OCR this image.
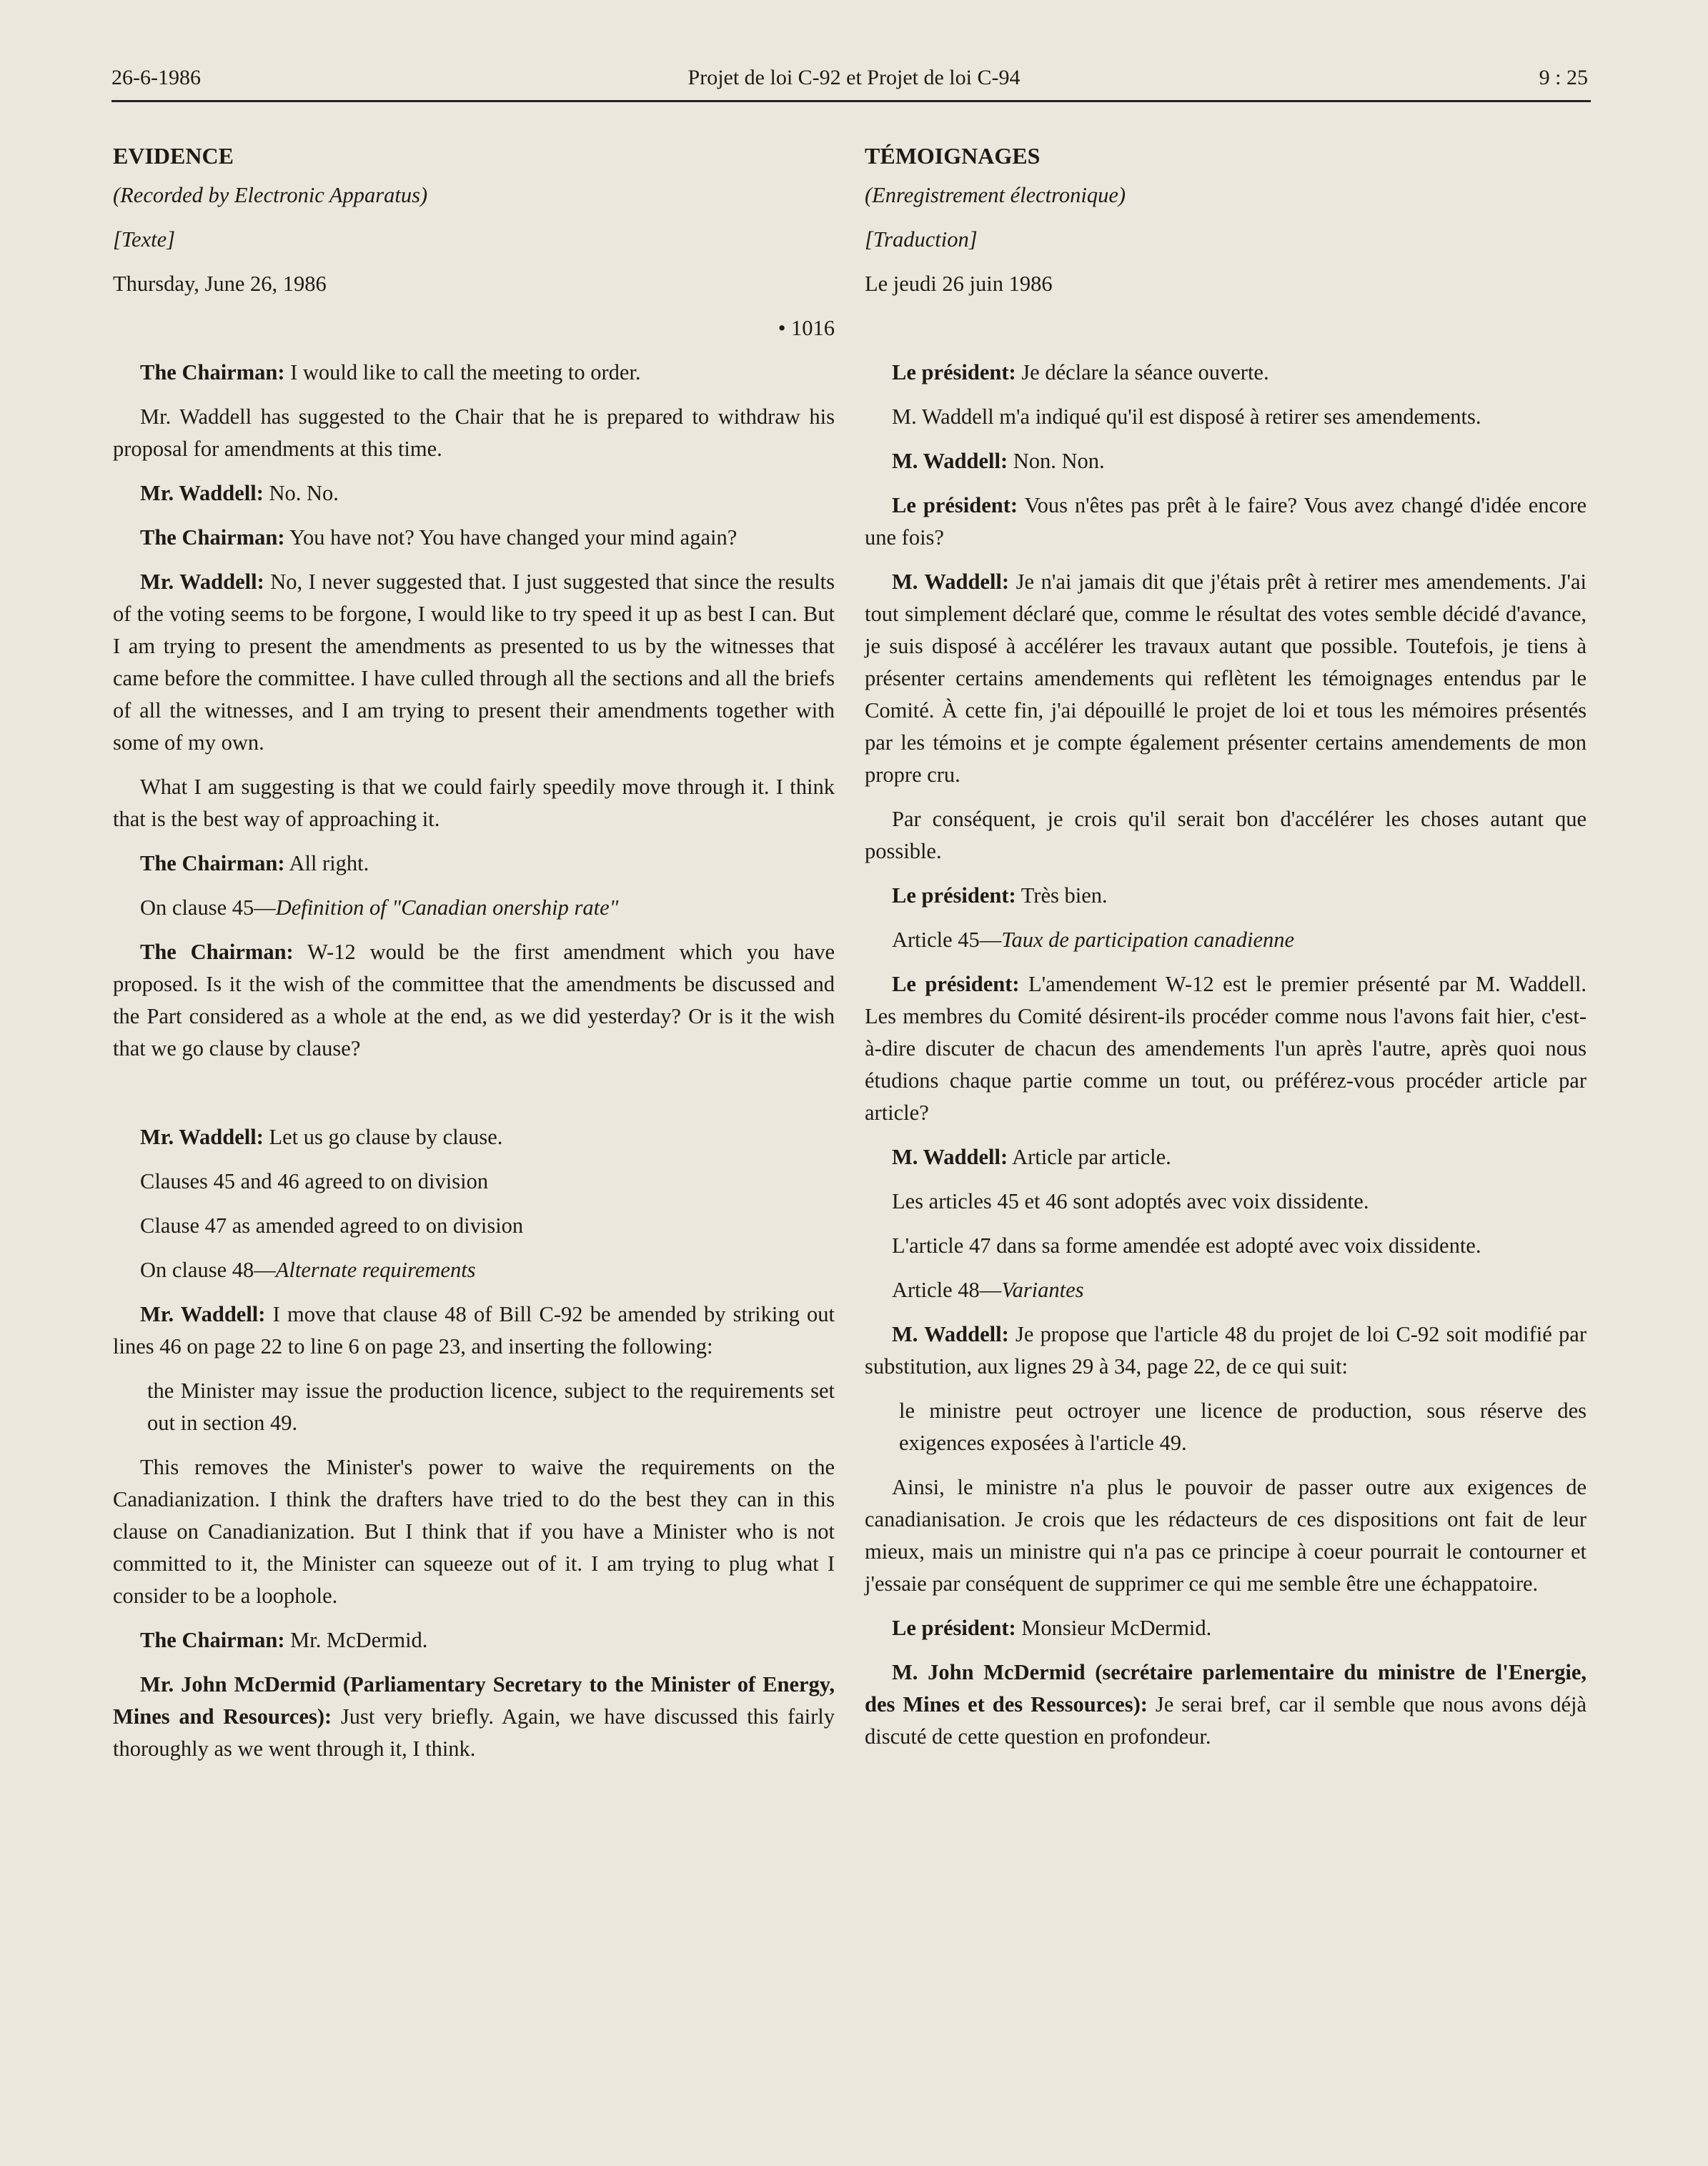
Projet de loi C-92 et Projet de loi C-94
26-6-1986	9 : 25
EVIDENCE

(Recorded by Electronic Apparatus)

[Texte]

Thursday, June 26, 1986

• 1016

The Chairman: I would like to call the meeting to order.

Mr. Waddell has suggested to the Chair that he is prepared to withdraw his proposal for amendments at this time.

Mr. Waddell: No. No.

The Chairman: You have not? You have changed your mind again?

Mr. Waddell: No, I never suggested that. I just suggested that since the results of the voting seems to be forgone, I would like to try speed it up as best I can. But I am trying to present the amendments as presented to us by the witnesses that came before the committee. I have culled through all the sections and all the briefs of all the witnesses, and I am trying to present their amendments together with some of my own.

What I am suggesting is that we could fairly speedily move through it. I think that is the best way of approaching it.

The Chairman: All right.

On clause 45—Definition of "Canadian onership rate"

The Chairman: W-12 would be the first amendment which you have proposed. Is it the wish of the committee that the amendments be discussed and the Part considered as a whole at the end, as we did yesterday? Or is it the wish that we go clause by clause?

Mr. Waddell: Let us go clause by clause.

Clauses 45 and 46 agreed to on division

Clause 47 as amended agreed to on division

On clause 48—Alternate requirements

Mr. Waddell: I move that clause 48 of Bill C-92 be amended by striking out lines 46 on page 22 to line 6 on page 23, and inserting the following:

the Minister may issue the production licence, subject to the requirements set out in section 49.

This removes the Minister's power to waive the requirements on the Canadianization. I think the drafters have tried to do the best they can in this clause on Canadianization. But I think that if you have a Minister who is not committed to it, the Minister can squeeze out of it. I am trying to plug what I consider to be a loophole.

The Chairman: Mr. McDermid.

Mr. John McDermid (Parliamentary Secretary to the Minister of Energy, Mines and Resources): Just very briefly. Again, we have discussed this fairly thoroughly as we went through it, I think.

TÉMOIGNAGES

(Enregistrement électronique)

[Traduction]

Le jeudi 26 juin 1986

Le président: Je déclare la séance ouverte.

M. Waddell m'a indiqué qu'il est disposé à retirer ses amendements.

M. Waddell: Non. Non.

Le président: Vous n'êtes pas prêt à le faire? Vous avez changé d'idée encore une fois?

M. Waddell: Je n'ai jamais dit que j'étais prêt à retirer mes amendements. J'ai tout simplement déclaré que, comme le résultat des votes semble décidé d'avance, je suis disposé à accélérer les travaux autant que possible. Toutefois, je tiens à présenter certains amendements qui reflètent les témoignages entendus par le Comité. À cette fin, j'ai dépouillé le projet de loi et tous les mémoires présentés par les témoins et je compte également présenter certains amendements de mon propre cru.

Par conséquent, je crois qu'il serait bon d'accélérer les choses autant que possible.

Le président: Très bien.

Article 45—Taux de participation canadienne

Le président: L'amendement W-12 est le premier présenté par M. Waddell. Les membres du Comité désirent-ils procéder comme nous l'avons fait hier, c'est-à-dire discuter de chacun des amendements l'un après l'autre, après quoi nous étudions chaque partie comme un tout, ou préférez-vous procéder article par article?

M. Waddell: Article par article.

Les articles 45 et 46 sont adoptés avec voix dissidente.

L'article 47 dans sa forme amendée est adopté avec voix dissidente.

Article 48—Variantes

M. Waddell: Je propose que l'article 48 du projet de loi C-92 soit modifié par substitution, aux lignes 29 à 34, page 22, de ce qui suit:

le ministre peut octroyer une licence de production, sous réserve des exigences exposées à l'article 49.

Ainsi, le ministre n'a plus le pouvoir de passer outre aux exigences de canadianisation. Je crois que les rédacteurs de ces dispositions ont fait de leur mieux, mais un ministre qui n'a pas ce principe à coeur pourrait le contourner et j'essaie par conséquent de supprimer ce qui me semble être une échappatoire.

Le président: Monsieur McDermid.

M. John McDermid (secrétaire parlementaire du ministre de l'Energie, des Mines et des Ressources): Je serai bref, car il semble que nous avons déjà discuté de cette question en profondeur.
